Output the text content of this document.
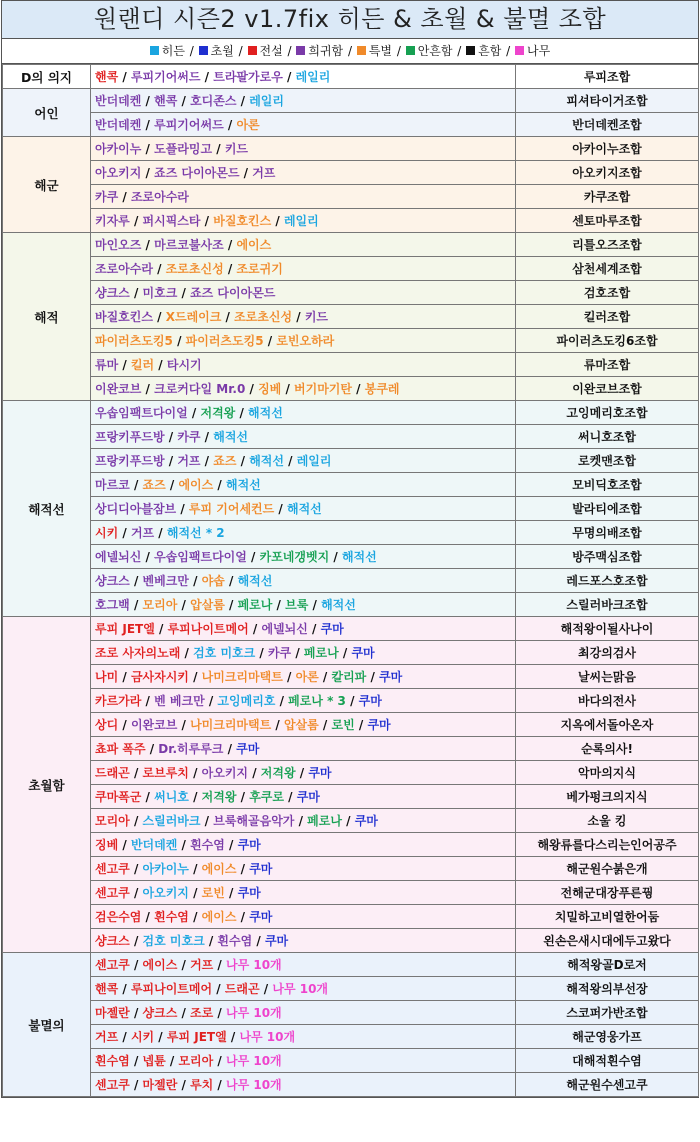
원랜디 시즌2 v1.7fix 히든 & 초월 & 불멸 조합
히든 / 초월 / 전설 / 희귀함 / 특별 / 안흔함 / 흔함 / 나무
D의 의지	핸콕 / 루피기어써드 / 트라팔가로우 / 레일리	루피조합
어인	반더데켄 / 핸콕 / 호디존스 / 레일리	피셔타이거조합
	반더데켄 / 루피기어써드 / 아론	반더데켄조합
해군	아카이누 / 도플라밍고 / 키드	아카이누조합
	아오키지 / 죠즈 다이아몬드 / 거프	아오키지조합
	카쿠 / 조로아수라	카쿠조합
	키자루 / 퍼시픽스타 / 바질호킨스 / 레일리	센토마루조합
해적	마인오즈 / 마르코불사조 / 에이스	리틀오즈조합
	조로아수라 / 조로초신성 / 조로귀기	삼천세계조합
	샹크스 / 미호크 / 죠즈 다이아몬드	검호조합
	바질호킨스 / X드레이크 / 조로초신성 / 키드	킬러조합
	파이러츠도킹5 / 파이러츠도킹5 / 로빈오하라	파이러츠도킹6조합
	류마 / 킬러 / 타시기	류마조합
	이완코브 / 크로커다일 Mr.0 / 징베 / 버기마기탄 / 봉쿠레	이완코브조합
해적선	우솝임팩트다이얼 / 저격왕 / 해적선	고잉메리호조합
	프랑키푸드방 / 카쿠 / 해적선	써니호조합
	프랑키푸드방 / 거프 / 죠즈 / 해적선 / 레일리	로켓맨조합
	마르코 / 죠즈 / 에이스 / 해적선	모비딕호조합
	상디디아블잠브 / 루피 기어세컨드 / 해적선	발라티에조합
	시키 / 거프 / 해적선 * 2	무명의배조합
	에넬뇌신 / 우솝임팩트다이얼 / 카포네갱벳지 / 해적선	방주맥심조합
	샹크스 / 벤베크만 / 야솝 / 해적선	레드포스호조합
	호그백 / 모리아 / 압살롬 / 페로나 / 브룩 / 해적선	스릴러바크조합
초월함	루피 JET엘 / 루피나이트메어 / 에넬뇌신 / 쿠마	해적왕이될사나이
	조로 사자의노래 / 검호 미호크 / 카쿠 / 페로나 / 쿠마	최강의검사
	나미 / 금사자시키 / 나미크리마택트 / 아론 / 칼리파 / 쿠마	날씨는맑음
	카르가라 / 벤 베크만 / 고잉메리호 / 페로나 * 3 / 쿠마	바다의전사
	상디 / 이완코브 / 나미크리마택트 / 압살롬 / 로빈 / 쿠마	지옥에서돌아온자
	쵸파 폭주 / Dr.히루루크 / 쿠마	순록의사!
	드래곤 / 로브루치 / 아오키지 / 저격왕 / 쿠마	악마의지식
	쿠마폭군 / 써니호 / 저격왕 / 후쿠로 / 쿠마	베가펑크의지식
	모리아 / 스릴러바크 / 브룩해골음악가 / 페로나 / 쿠마	소울 킹
	징베 / 반더데켄 / 흰수염 / 쿠마	해왕류를다스리는인어공주
	센고쿠 / 아카이누 / 에이스 / 쿠마	해군원수붉은개
	센고쿠 / 아오키지 / 로빈 / 쿠마	전해군대장푸른꿩
	검은수염 / 흰수염 / 에이스 / 쿠마	치밀하고비열한어둠
	샹크스 / 검호 미호크 / 흰수염 / 쿠마	왼손은새시대에두고왔다
불멸의	센고쿠 / 에이스 / 거프 / 나무 10개	해적왕골D로저
	핸콕 / 루피나이트메어 / 드래곤 / 나무 10개	해적왕의부선장
	마젤란 / 샹크스 / 조로 / 나무 10개	스코퍼가반조합
	거프 / 시키 / 루피 JET엘 / 나무 10개	해군영웅가프
	흰수염 / 넵튠 / 모리아 / 나무 10개	대해적흰수염
	센고쿠 / 마젤란 / 루치 / 나무 10개	해군원수센고쿠
